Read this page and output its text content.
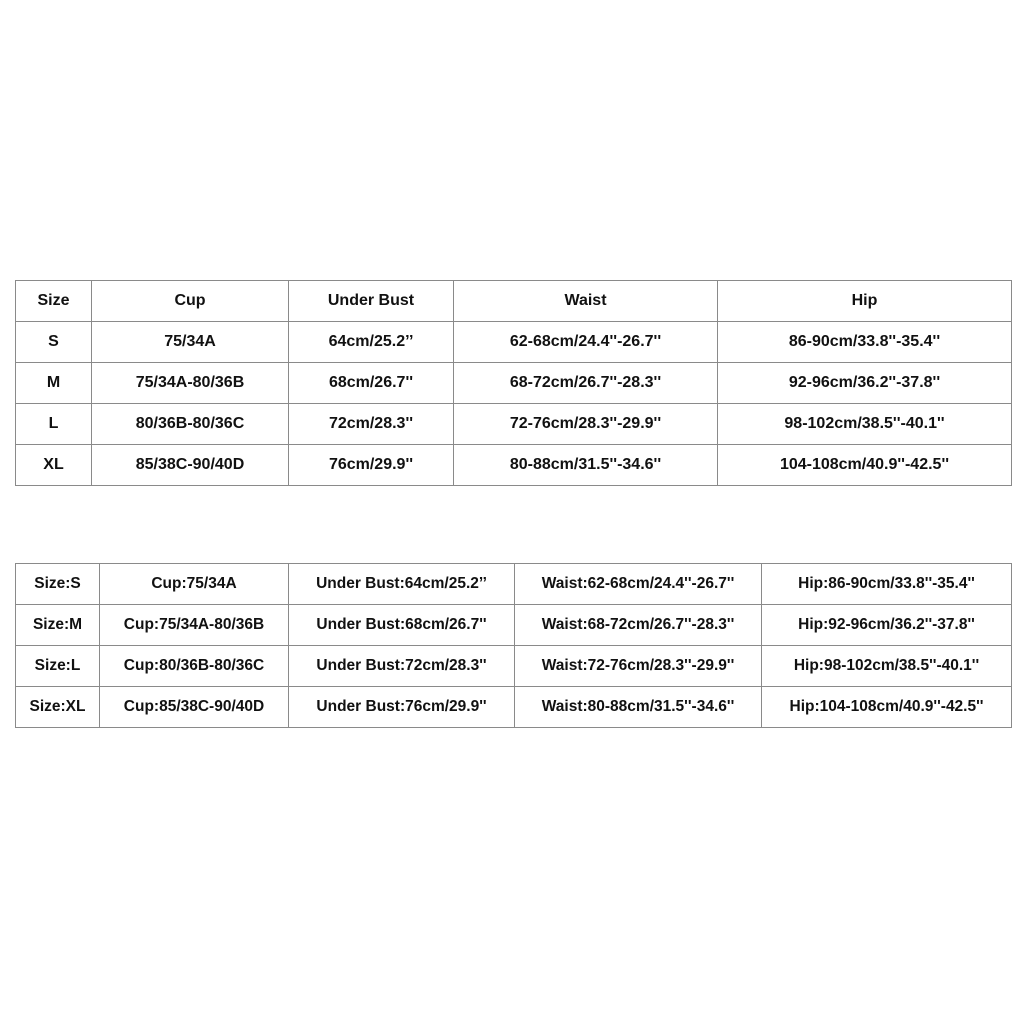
Size	Cup	Under Bust	Waist	Hip
S	75/34A	64cm/25.2’’	62-68cm/24.4''-26.7''	86-90cm/33.8''-35.4''
M	75/34A-80/36B	68cm/26.7''	68-72cm/26.7''-28.3''	92-96cm/36.2''-37.8''
L	80/36B-80/36C	72cm/28.3''	72-76cm/28.3''-29.9''	98-102cm/38.5''-40.1''
XL	85/38C-90/40D	76cm/29.9''	80-88cm/31.5''-34.6''	104-108cm/40.9''-42.5''
Size:S	Cup:75/34A	Under Bust:64cm/25.2’’	Waist:62-68cm/24.4''-26.7''	Hip:86-90cm/33.8''-35.4''
Size:M	Cup:75/34A-80/36B	Under Bust:68cm/26.7''	Waist:68-72cm/26.7''-28.3''	Hip:92-96cm/36.2''-37.8''
Size:L	Cup:80/36B-80/36C	Under Bust:72cm/28.3''	Waist:72-76cm/28.3''-29.9''	Hip:98-102cm/38.5''-40.1''
Size:XL	Cup:85/38C-90/40D	Under Bust:76cm/29.9''	Waist:80-88cm/31.5''-34.6''	Hip:104-108cm/40.9''-42.5''
